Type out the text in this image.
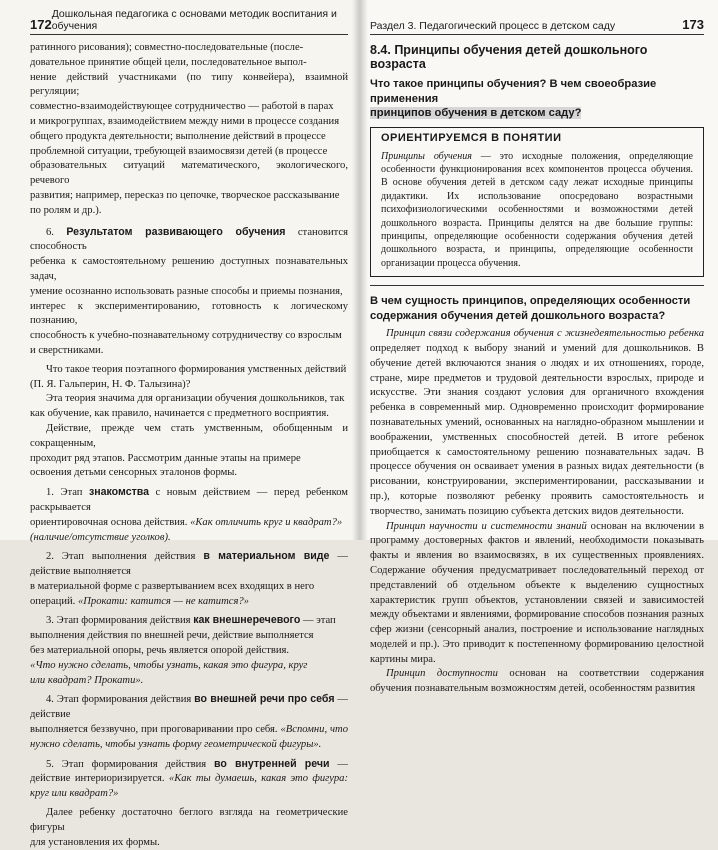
172
Дошкольная педагогика с основами методик воспитания и обучения
ратинного рисования); совместно-последовательные (после-
довательное принятие общей цели, последовательное выпол-
нение действий участниками (по типу конвейера), взаимной регуляции;
совместно-взаимодействующее сотрудничество — работой в парах
и микрогруппах, взаимодействием между ними в процессе создания
общего продукта деятельности; выполнение действий в процессе
проблемной ситуации, требующей взаимосвязи детей (в процессе
образовательных ситуаций математического, экологического, речевого
развития; например, пересказ по цепочке, творческое рассказывание
по ролям и др.).
6. Результатом развивающего обучения становится способность
ребенка к самостоятельному решению доступных познавательных задач,
умение осознанно использовать разные способы и приемы познания,
интерес к экспериментированию, готовность к логическому познанию,
способность к учебно-познавательному сотрудничеству со взрослым
и сверстниками.
Что такое теория поэтапного формирования умственных действий
(П. Я. Гальперин, Н. Ф. Талызина)?
Эта теория значима для организации обучения дошкольников, так
как обучение, как правило, начинается с предметного восприятия.
Действие, прежде чем стать умственным, обобщенным и сокращенным,
проходит ряд этапов. Рассмотрим данные этапы на примере
освоения детьми сенсорных эталонов формы.
1. Этап знакомства с новым действием — перед ребенком раскрывается
ориентировочная основа действия. «Как отличить круг и квадрат?»
(наличие/отсутствие уголков).
2. Этап выполнения действия в материальном виде — действие выполняется
в материальной форме с развертыванием всех входящих в него
операций. «Прокати: катится — не катится?»
3. Этап формирования действия как внешнеречевого — этап
выполнения действия по внешней речи, действие выполняется
без материальной опоры, речь является опорой действия.
«Что нужно сделать, чтобы узнать, какая это фигура, круг
или квадрат? Прокати».
4. Этап формирования действия во внешней речи про себя — действие
выполняется беззвучно, при проговаривании про себя. «Вспомни, что нужно сделать, чтобы узнать форму геометрической фигуры».
5. Этап формирования действия во внутренней речи — действие интериоризируется. «Как ты думаешь, какая это фигура: круг или квадрат?»
Далее ребенку достаточно беглого взгляда на геометрические фигуры
для установления их формы.
Раздел 3. Педагогический процесс в детском саду	173
8.4. Принципы обучения детей дошкольного возраста
Что такое принципы обучения? В чем своеобразие применения
принципов обучения в детском саду?
ОРИЕНТИРУЕМСЯ В ПОНЯТИИ
Принципы обучения — это исходные положения, определяющие особенности функционирования всех компонентов процесса обучения. В основе обучения детей в детском саду лежат исходные принципы дидактики. Их использование опосредовано возрастными психофизиологическими особенностями и возможностями детей дошкольного возраста. Принципы делятся на две большие группы: принципы, определяющие особенности содержания обучения детей дошкольного возраста, и принципы, определяющие особенности организации процесса обучения.
В чем сущность принципов, определяющих особенности содержания обучения детей дошкольного возраста?

Принцип связи содержания обучения с жизнедеятельностью ребенка определяет подход к выбору знаний и умений для дошкольников. В обучение детей включаются знания о людях и их отношениях, городе, стране, мире предметов и трудовой деятельности взрослых, природе и искусстве. Эти знания создают условия для органичного вхождения ребенка в современный мир. Одновременно происходит формирование познавательных умений, основанных на наглядно-образном мышлении и воображении, умственных способностей детей. В итоге ребенок приобщается к самостоятельному решению познавательных задач. В процессе обучения он осваивает умения в разных видах деятельности (в рисовании, конструировании, экспериментировании, рассказывании и пр.), которые позволяют ребенку проявить самостоятельность и творчество, занимать позицию субъекта детских видов деятельности.

Принцип научности и системности знаний основан на включении в программу достоверных фактов и явлений, необходимости показывать факты и явления во взаимосвязях, в их существенных проявлениях. Содержание обучения предусматривает последовательный переход от представлений об отдельном объекте к выделению сущностных характеристик групп объектов, установлении связей и зависимостей между объектами и явлениями, формирование способов познания разных сфер жизни (сенсорный анализ, построение и использование наглядных моделей и пр.). Это приводит к постепенному формированию целостной картины мира.

Принцип доступности основан на соответствии содержания обучения познавательным возможностям детей, особенностям развития
